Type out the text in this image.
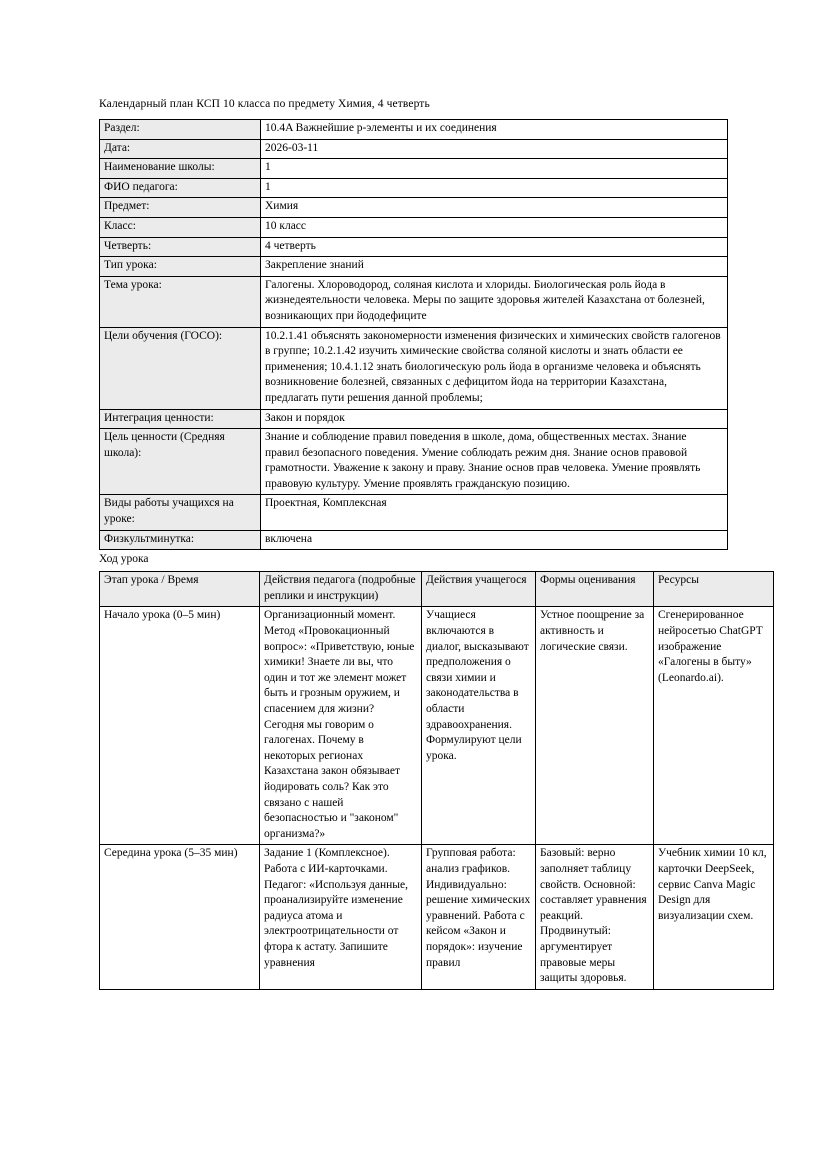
Календарный план КСП 10 класса по предмету Химия, 4 четверть

Раздел:	10.4A Важнейшие p-элементы и их соединения
Дата:	2026-03-11
Наименование школы:	1
ФИО педагога:	1
Предмет:	Химия
Класс:	10 класс
Четверть:	4 четверть
Тип урока:	Закрепление знаний
Тема урока:	Галогены. Хлороводород, соляная кислота и хлориды. Биологическая роль йода в жизнедеятельности человека. Меры по защите здоровья жителей Казахстана от болезней, возникающих при йододефиците
Цели обучения (ГОСО):	10.2.1.41 объяснять закономерности изменения физических и химических свойств галогенов в группе; 10.2.1.42 изучить химические свойства соляной кислоты и знать области ее применения; 10.4.1.12 знать биологическую роль йода в организме человека и объяснять возникновение болезней, связанных с дефицитом йода на территории Казахстана, предлагать пути решения данной проблемы;
Интеграция ценности:	Закон и порядок
Цель ценности (Средняя школа):	Знание и соблюдение правил поведения в школе, дома, общественных местах. Знание правил безопасного поведения. Умение соблюдать режим дня. Знание основ правовой грамотности. Уважение к закону и праву. Знание основ прав человека. Умение проявлять правовую культуру. Умение проявлять гражданскую позицию.
Виды работы учащихся на уроке:	Проектная, Комплексная
Физкультминутка:	включена

Ход урока

Этап урока / Время	Действия педагога (подробные реплики и инструкции)	Действия учащегося	Формы оценивания	Ресурсы
Начало урока (0–5 мин)	Организационный момент. Метод «Провокационный вопрос»: «Приветствую, юные химики! Знаете ли вы, что один и тот же элемент может быть и грозным оружием, и спасением для жизни? Сегодня мы говорим о галогенах. Почему в некоторых регионах Казахстана закон обязывает йодировать соль? Как это связано с нашей безопасностью и "законом" организма?»	Учащиеся включаются в диалог, высказывают предположения о связи химии и законодательства в области здравоохранения. Формулируют цели урока.	Устное поощрение за активность и логические связи.	Сгенерированное нейросетью ChatGPT изображение «Галогены в быту» (Leonardo.ai).
Середина урока (5–35 мин)	Задание 1 (Комплексное). Работа с ИИ-карточками. Педагог: «Используя данные, проанализируйте изменение радиуса атома и электроотрицательности от фтора к астату. Запишите уравнения	Групповая работа: анализ графиков. Индивидуально: решение химических уравнений. Работа с кейсом «Закон и порядок»: изучение правил	Базовый: верно заполняет таблицу свойств. Основной: составляет уравнения реакций. Продвинутый: аргументирует правовые меры защиты здоровья.	Учебник химии 10 кл, карточки DeepSeek, сервис Canva Magic Design для визуализации схем.
